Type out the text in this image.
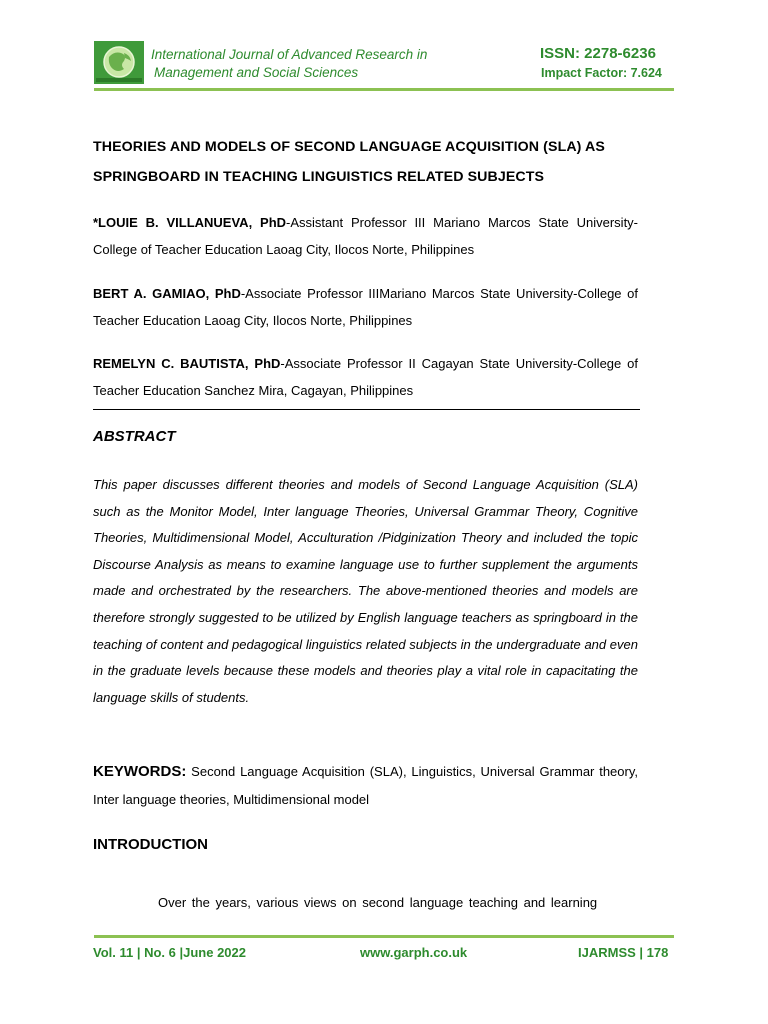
International Journal of Advanced Research in
Management and Social Sciences
ISSN: 2278-6236
Impact Factor: 7.624
THEORIES AND MODELS OF SECOND LANGUAGE ACQUISITION (SLA) AS SPRINGBOARD IN TEACHING LINGUISTICS RELATED SUBJECTS
*LOUIE B. VILLANUEVA, PhD-Assistant Professor III Mariano Marcos State University-College of Teacher Education Laoag City, Ilocos Norte, Philippines
BERT A. GAMIAO, PhD-Associate Professor IIIMariano Marcos State University-College of Teacher Education Laoag City, Ilocos Norte, Philippines
REMELYN C. BAUTISTA, PhD-Associate Professor II Cagayan State University-College of Teacher Education Sanchez Mira, Cagayan, Philippines
ABSTRACT
This paper discusses different theories and models of Second Language Acquisition (SLA) such as the Monitor Model, Inter language Theories, Universal Grammar Theory, Cognitive Theories, Multidimensional Model, Acculturation /Pidginization Theory and included the topic Discourse Analysis as means to examine language use to further supplement the arguments made and orchestrated by the researchers. The above-mentioned theories and models are therefore strongly suggested to be utilized by English language teachers as springboard in the teaching of content and pedagogical linguistics related subjects in the undergraduate and even in the graduate levels because these models and theories play a vital role in capacitating the language skills of students.
KEYWORDS: Second Language Acquisition (SLA), Linguistics, Universal Grammar theory, Inter language theories, Multidimensional model
INTRODUCTION
Over the years, various views on second language teaching and learning
Vol. 11 | No. 6 |June 2022	www.garph.co.uk	IJARMSS | 178
